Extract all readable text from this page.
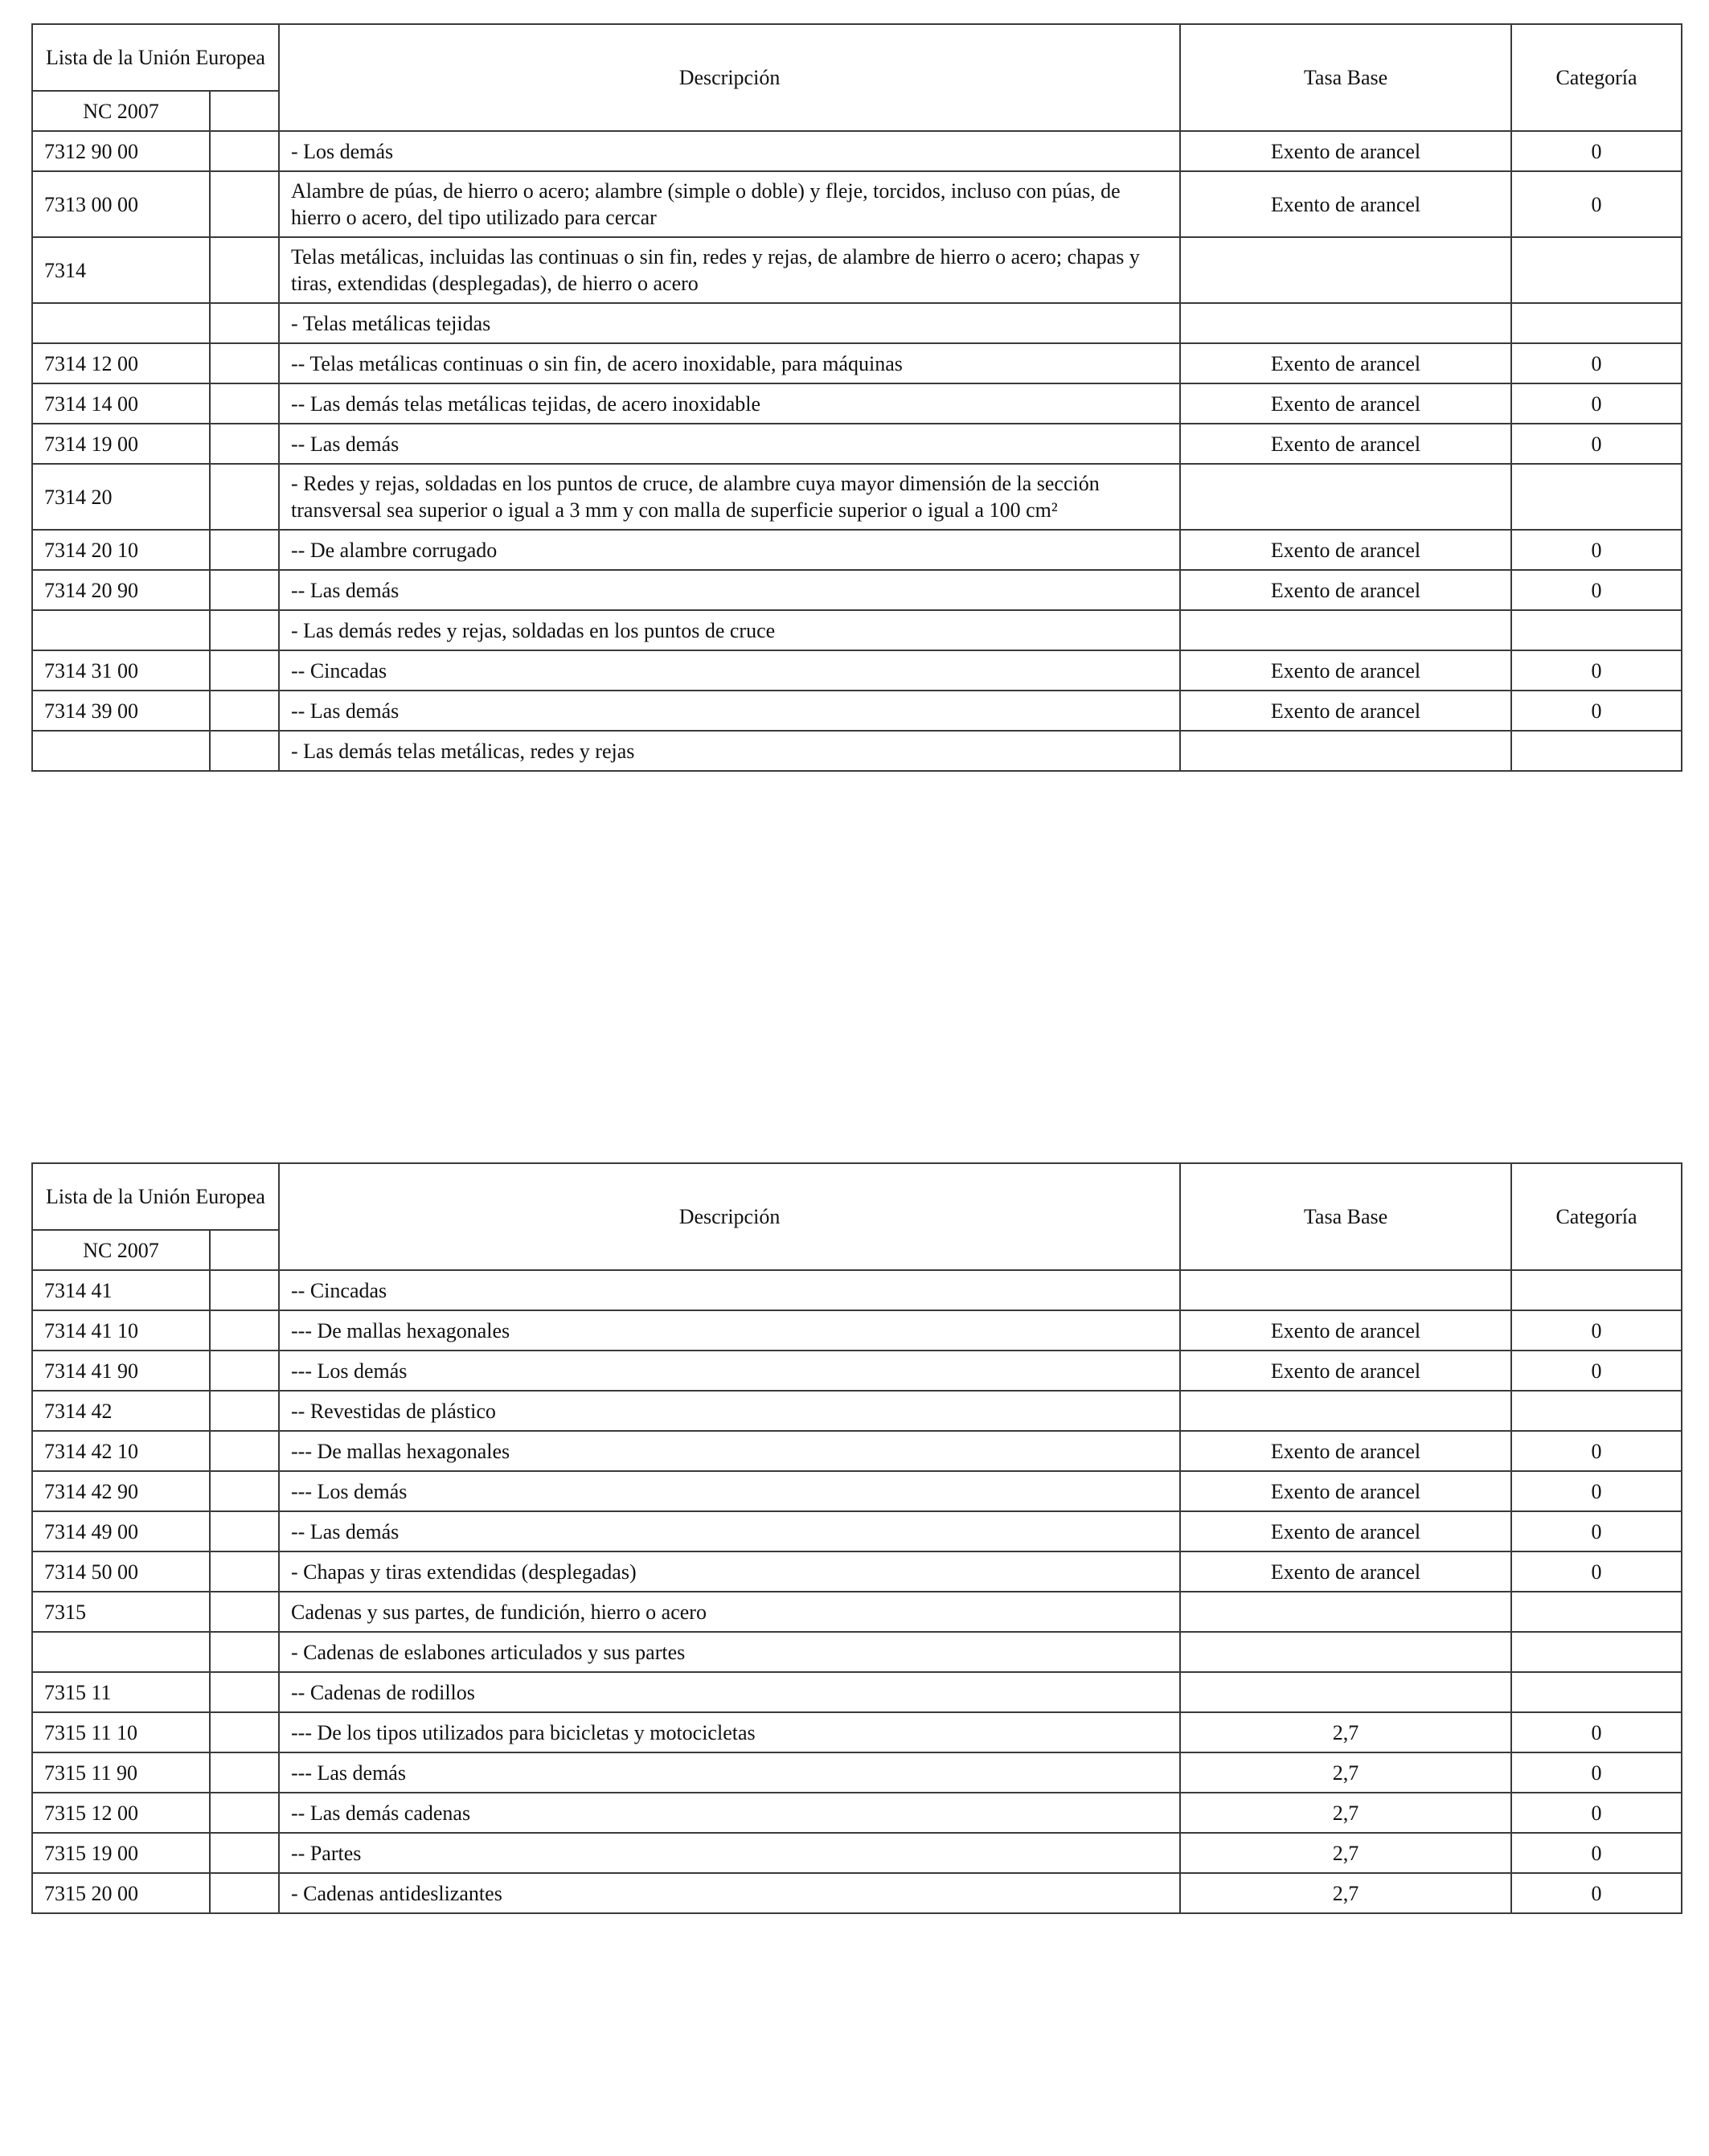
Lista de la Unión Europea		Descripción	Tasa Base	Categoría
NC 2007				
7312 90 00		- Los demás	Exento de arancel	0
7313 00 00		Alambre de púas, de hierro o acero; alambre (simple o doble) y fleje, torcidos, incluso con púas, de hierro o acero, del tipo utilizado para cercar	Exento de arancel	0
7314		Telas metálicas, incluidas las continuas o sin fin, redes y rejas, de alambre de hierro o acero; chapas y tiras, extendidas (desplegadas), de hierro o acero		
		- Telas metálicas tejidas		
7314 12 00		-- Telas metálicas continuas o sin fin, de acero inoxidable, para máquinas	Exento de arancel	0
7314 14 00		-- Las demás telas metálicas tejidas, de acero inoxidable	Exento de arancel	0
7314 19 00		-- Las demás	Exento de arancel	0
7314 20		- Redes y rejas, soldadas en los puntos de cruce, de alambre cuya mayor dimensión de la sección transversal sea superior o igual a 3 mm y con malla de superficie superior o igual a 100 cm²		
7314 20 10		-- De alambre corrugado	Exento de arancel	0
7314 20 90		-- Las demás	Exento de arancel	0
		- Las demás redes y rejas, soldadas en los puntos de cruce		
7314 31 00		-- Cincadas	Exento de arancel	0
7314 39 00		-- Las demás	Exento de arancel	0
		- Las demás telas metálicas, redes y rejas		
Lista de la Unión Europea		Descripción	Tasa Base	Categoría
NC 2007				
7314 41		-- Cincadas		
7314 41 10		--- De mallas hexagonales	Exento de arancel	0
7314 41 90		--- Los demás	Exento de arancel	0
7314 42		-- Revestidas de plástico		
7314 42 10		--- De mallas hexagonales	Exento de arancel	0
7314 42 90		--- Los demás	Exento de arancel	0
7314 49 00		-- Las demás	Exento de arancel	0
7314 50 00		- Chapas y tiras extendidas (desplegadas)	Exento de arancel	0
7315		Cadenas y sus partes, de fundición, hierro o acero		
		- Cadenas de eslabones articulados y sus partes		
7315 11		-- Cadenas de rodillos		
7315 11 10		--- De los tipos utilizados para bicicletas y motocicletas	2,7	0
7315 11 90		--- Las demás	2,7	0
7315 12 00		-- Las demás cadenas	2,7	0
7315 19 00		-- Partes	2,7	0
7315 20 00		- Cadenas antideslizantes	2,7	0
